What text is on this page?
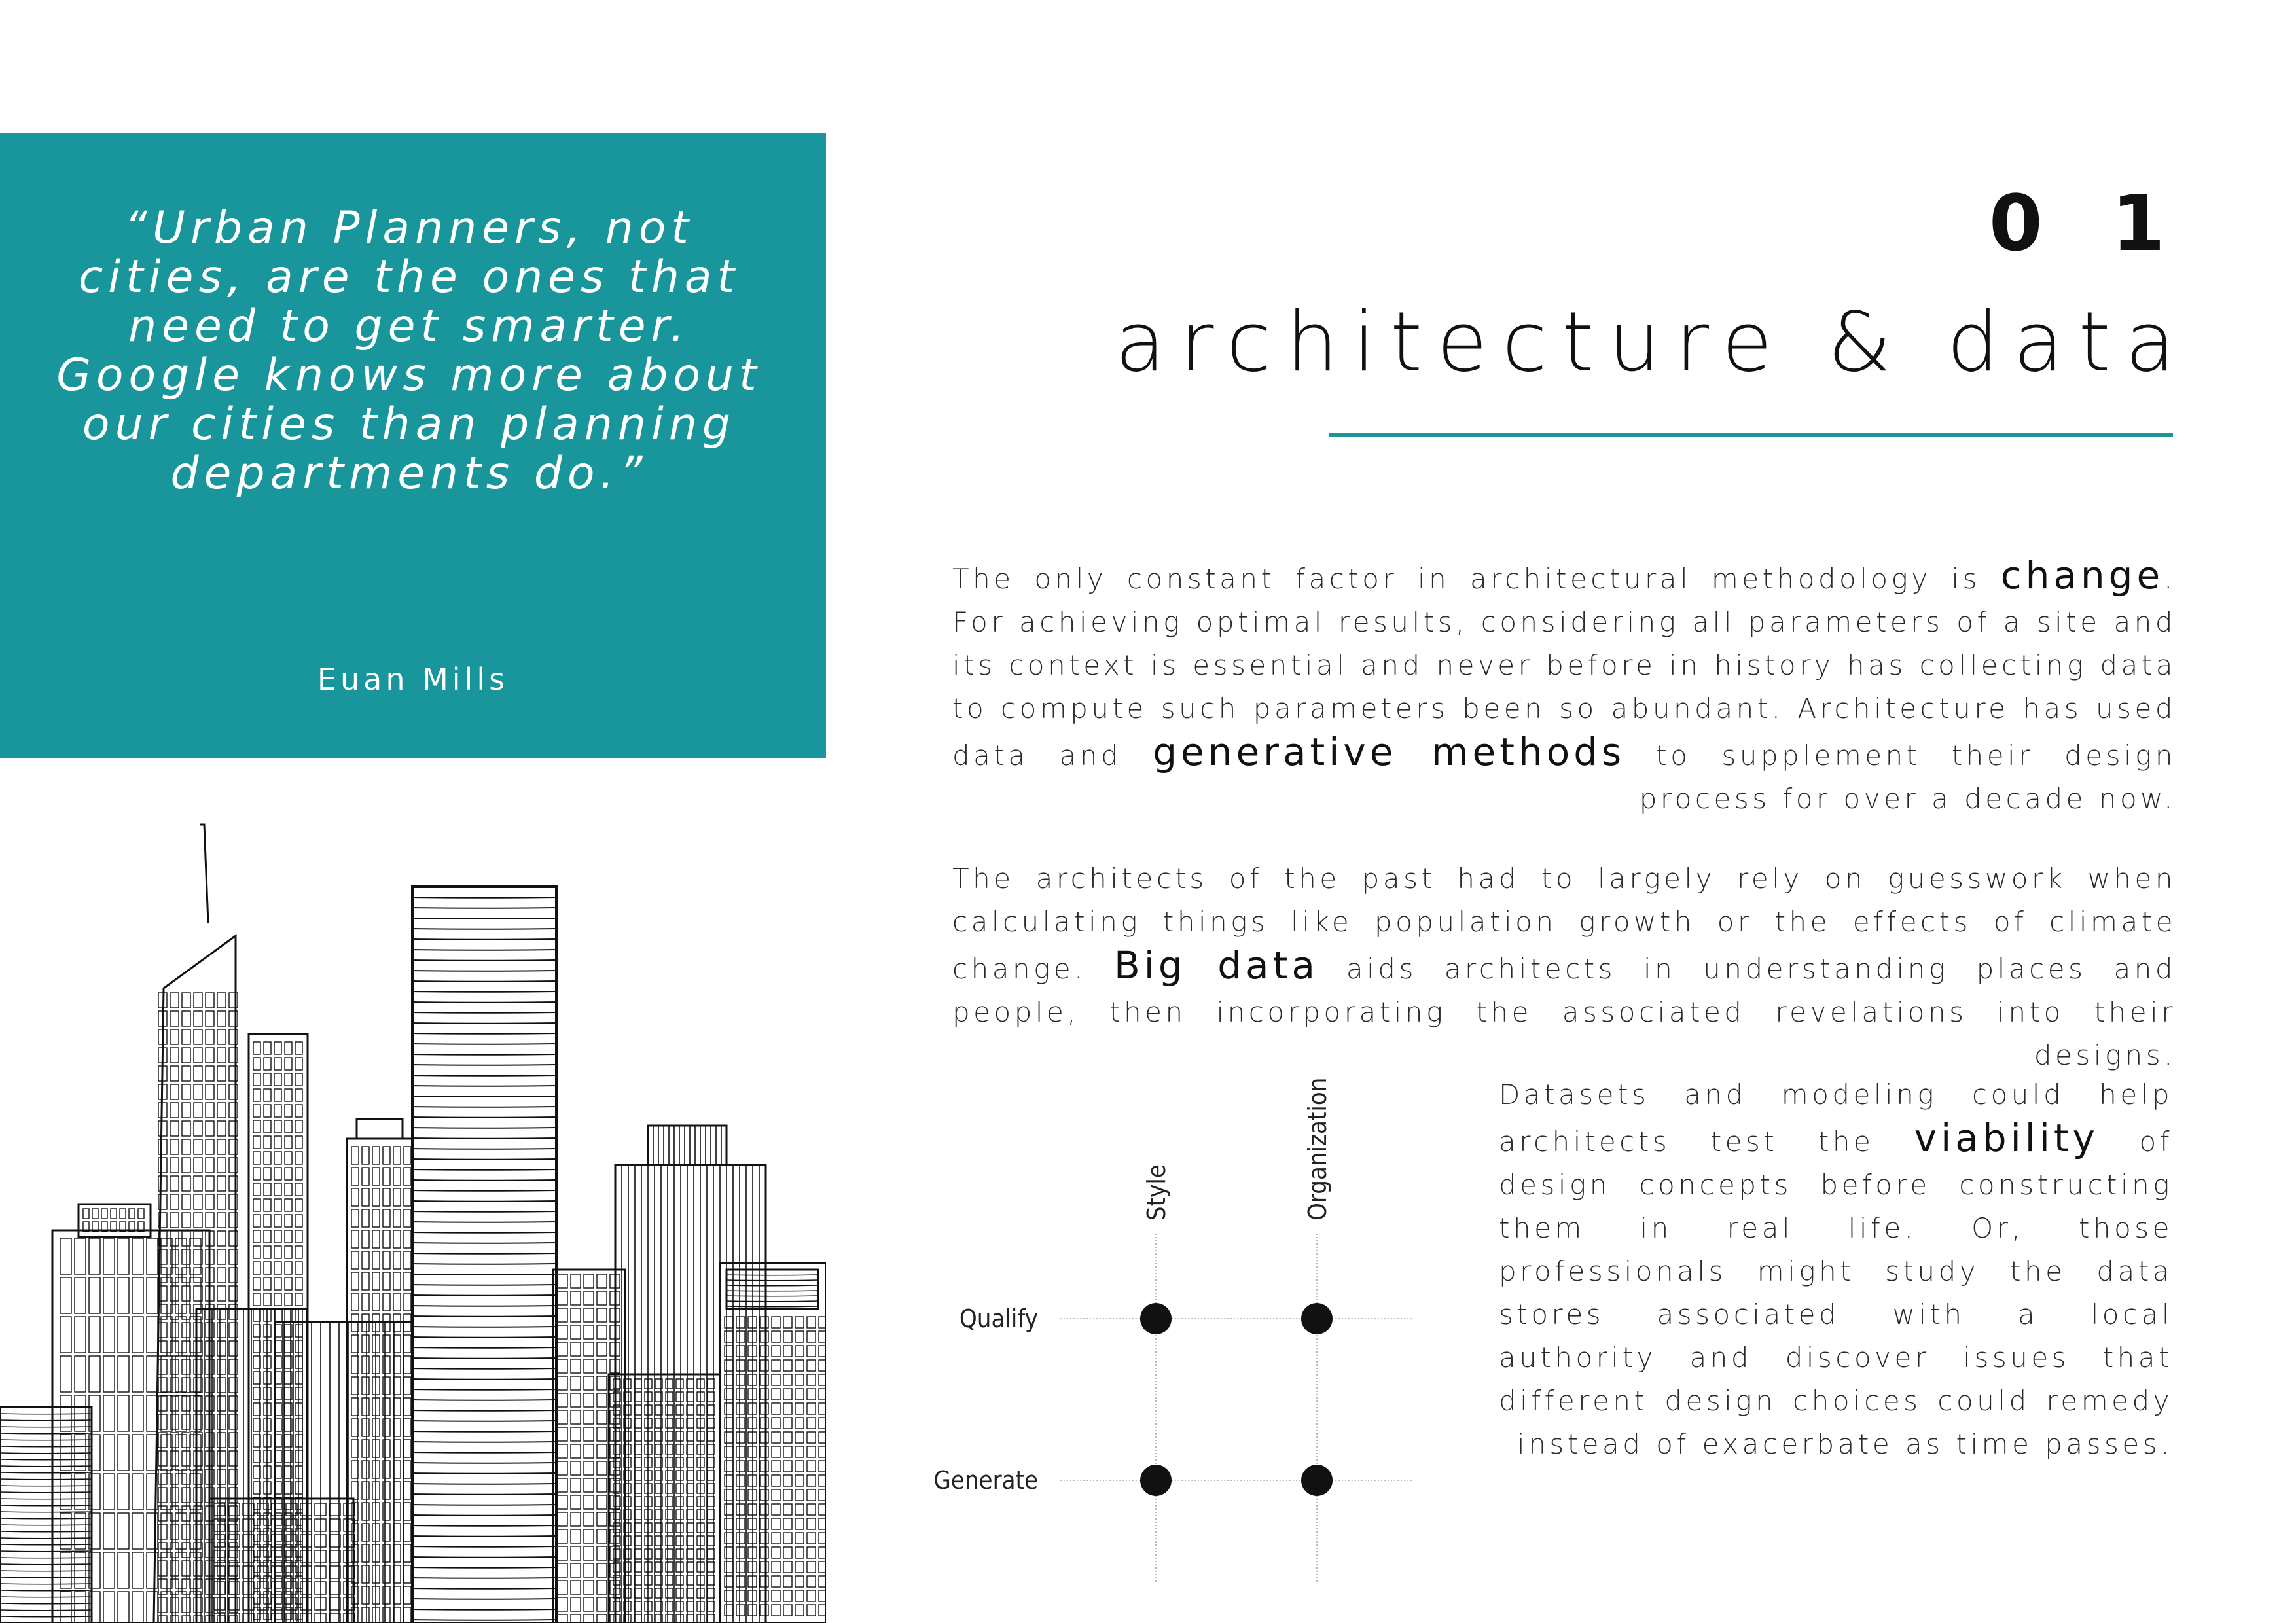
“Urban Planners, not cities, are the ones that need to get smarter. Google knows more about our cities than planning departments do.”
Euan Mills
0 1
architecture & data
The only constant factor in architectural methodology is change. For achieving optimal results, considering all parameters of a site and its context is essential and never before in history has collecting data to compute such parameters been so abundant. Architecture has used data and generative methods to supplement their design process for over a decade now.
The architects of the past had to largely rely on guesswork when calculating things like population growth or the effects of climate change. Big data aids architects in understanding places and people, then incorporating the associated revelations into their designs.
Datasets and modeling could help architects test the viability of design concepts before constructing them in real life. Or, those professionals might study the data stores associated with a local authority and discover issues that different design choices could remedy instead of exacerbate as time passes.
Style	Organization
Qualify
Generate
